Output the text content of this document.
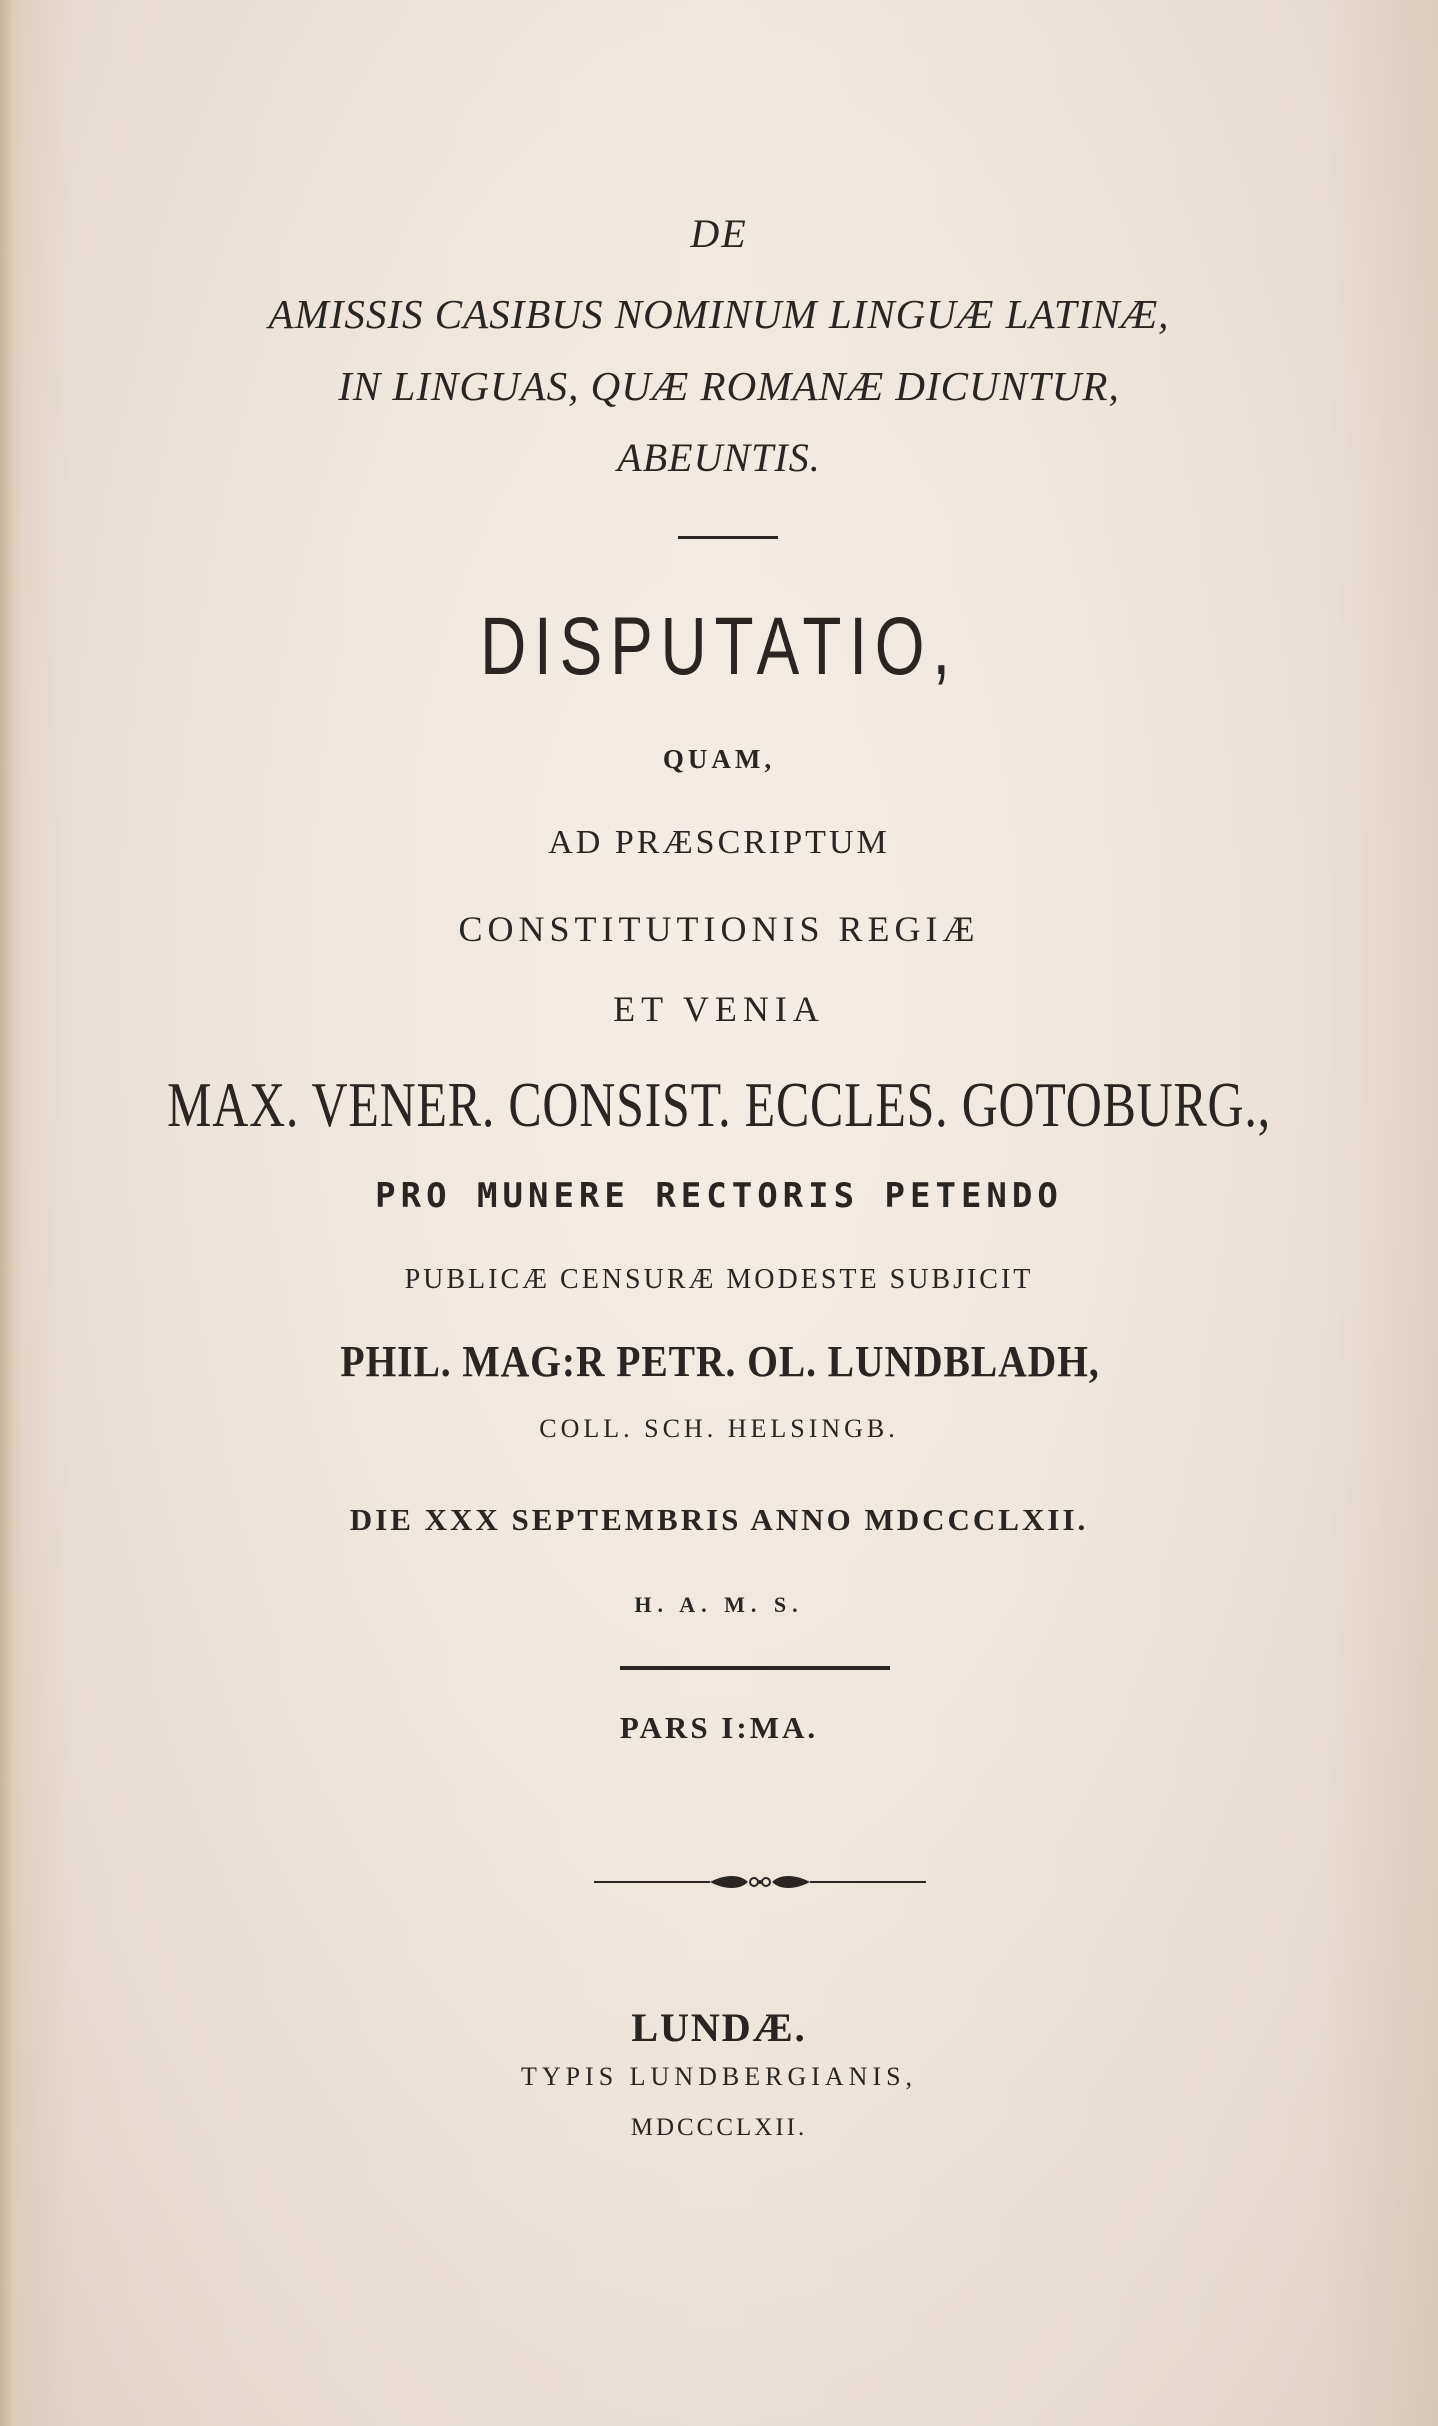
DE
AMISSIS CASIBUS NOMINUM LINGUÆ LATINÆ,
IN LINGUAS, QUÆ ROMANÆ DICUNTUR,
ABEUNTIS.
DISPUTATIO,
QUAM,
AD PRÆSCRIPTUM
CONSTITUTIONIS REGIÆ
ET VENIA
MAX. VENER. CONSIST. ECCLES. GOTOBURG.,
PRO MUNERE RECTORIS PETENDO
PUBLICÆ CENSURÆ MODESTE SUBJICIT
PHIL. MAG:R PETR. OL. LUNDBLADH,
COLL. SCH. HELSINGB.
DIE XXX SEPTEMBRIS ANNO MDCCCLXII.
H. A. M. S.
PARS I:MA.
LUNDÆ.
TYPIS LUNDBERGIANIS,
MDCCCLXII.
